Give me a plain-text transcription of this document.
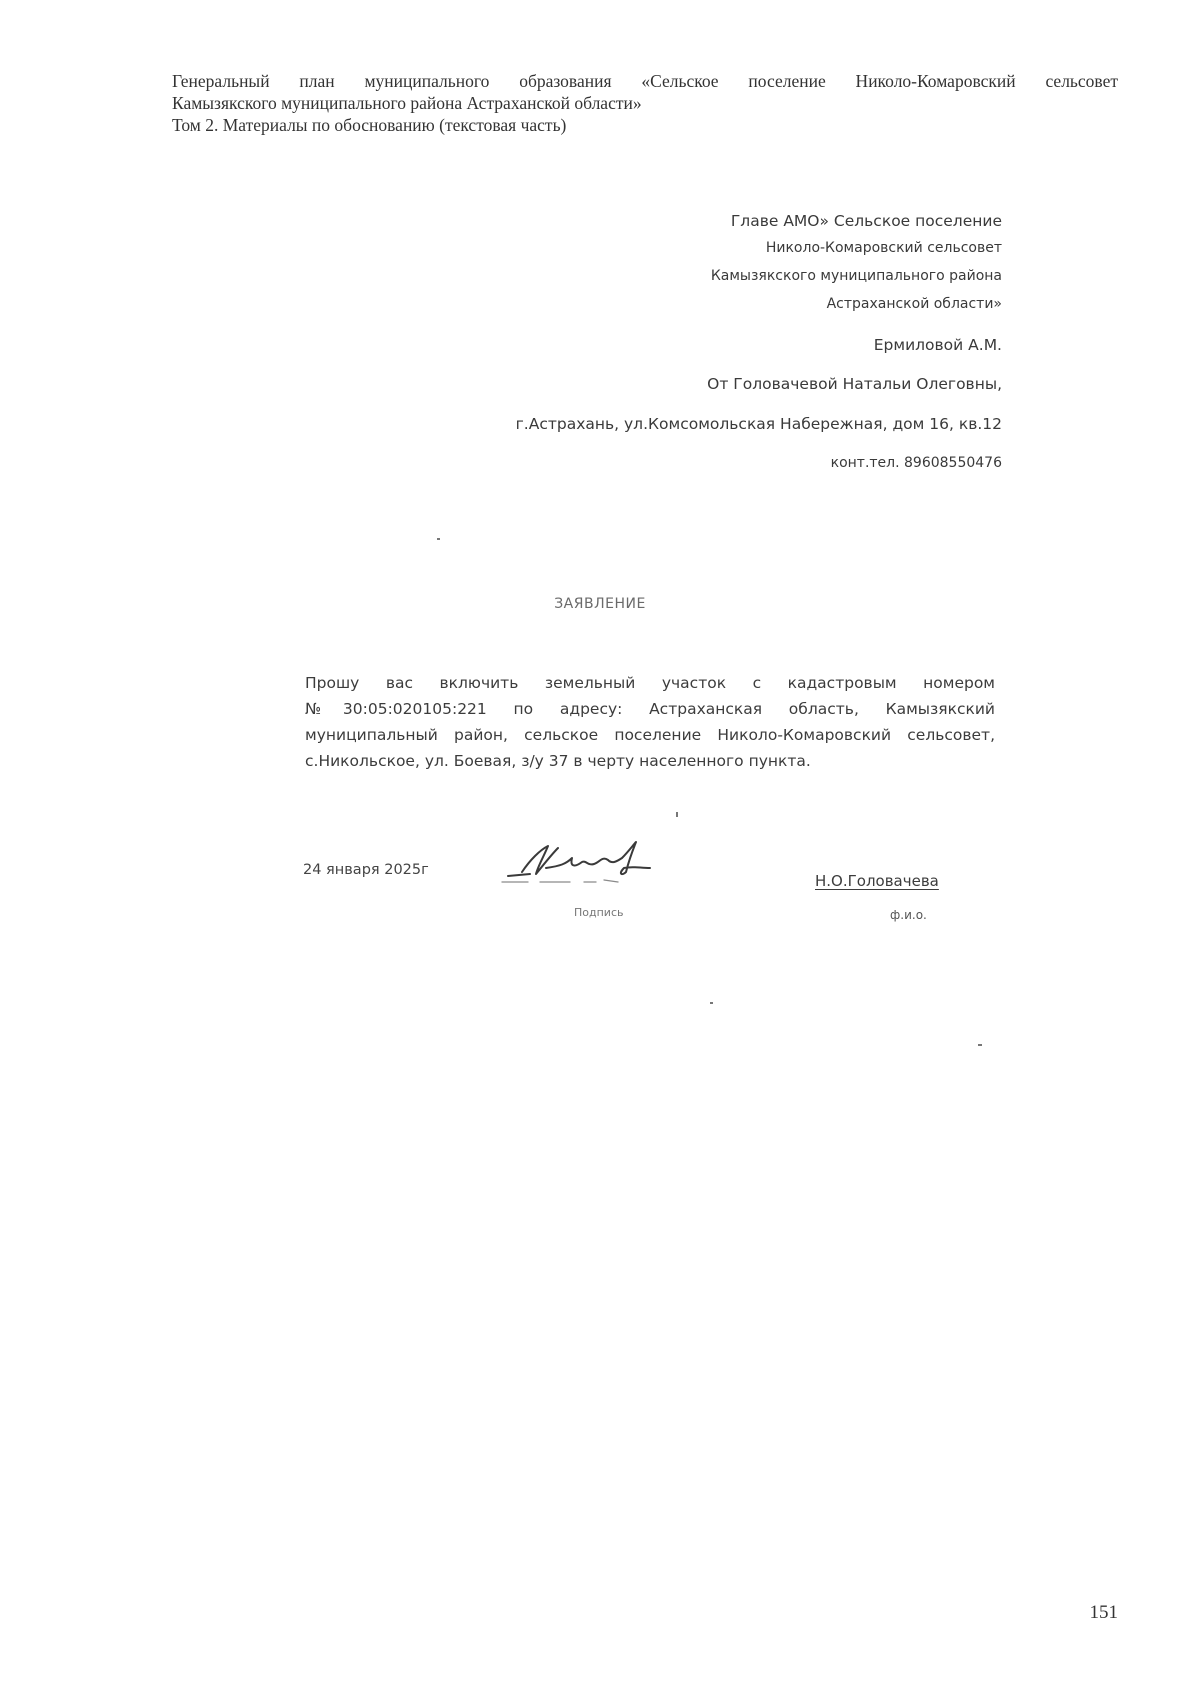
Генеральный план муниципального образования «Сельское поселение Николо-Комаровский сельсовет
Камызякского муниципального района Астраханской области»
Том 2. Материалы по обоснованию (текстовая часть)
Главе АМО» Сельское поселение
Николо-Комаровский сельсовет
Камызякского муниципального района
Астраханской области»
Ермиловой А.М.
От Головачевой Натальи Олеговны,
г.Астрахань, ул.Комсомольская Набережная, дом 16, кв.12
конт.тел. 89608550476
ЗАЯВЛЕНИЕ
Прошу вас включить земельный участок с кадастровым номером №30:05:020105:221 по адресу: Астраханская область, Камызякский муниципальный район, сельское поселение Николо-Комаровский сельсовет, с.Никольское, ул. Боевая, з/у 37 в черту населенного пункта.
24 января 2025г
Подпись
Н.О.Головачева
ф.и.о.
151
